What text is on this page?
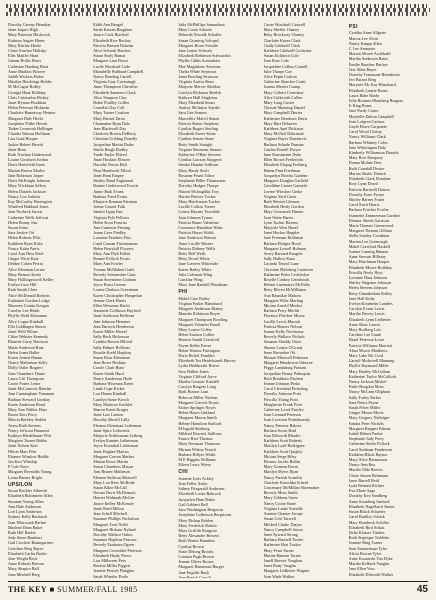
Dorothy Greeny Herndon
Janet Jaques High
Mary Paterson Hitchcock
Kathryn Angier Hines
Mary Ritchie Hoole
Claire Sinclair Holiday
Ellis Mailler Hunt
Joanne Hollis Hurst
Catherine Harding Hiatt
Anne Maddox Hoover
Judith Wickers Hulse
Marilyn Hutchings Holder
M McCague Ridley
Georgia Hunt Holliday
Chris Crittendon Hickey
Janet Hyman Houlihan
Helen Peterson Hickman
Charlotte Hannaway Heimer
Margaret Dale Hecht
Josephine Fidler Hewitt
Tinker Lesnovak Hollinger
Claudia Watson Hoffman
Lisa Grad Hooper
Jackie Hebert Hewitt
Janie Hunt
Ruth Truchan Underwood
Louise Goodwin Jordan
Doris Hartsfield Jones
Marian Brown Marlin
Jane Robinson Jasper
Doris McKnight Johnson
Mary Wickham Jeffery
Helen Daniels Jackson
Nancy Cox Jenkins
Kay McCarthy Harrington
Winifred Hubbard Jones
Jane Norbeck Jarrett
Catherine Wells Jeffcoat
Helen Bonny Jim
Susan Jones
Sara Justice Ott
Helen Roberts Ellis
Kathleen Ryan Kiley
Nancy Kahn Parris
Carol Ann Hess Petel
Ginger Wirtz Katz
Debbie Cohen Perrin
Alice Kleeman Lerner
Mary Benson Keele
Mary Hollingsworth Keller
Evelyn Luce Hill
Ruth Smith Chen
Alice McDonald Roberts
Katharine Gordon Lodge
Maureen Cronin Keegan
Carolyn Lee Heath
Phyllis Wold Kleinman
Alice Logan Kimball
Ella Goldhagen Simon
Janet Wild Wilner
Chloe Webster Kennedy
Blanche Curry Harrison
Marie Anderson Ruiz
Helen Jones Haller
Karen Jensen Hamm
Nancy Mathieson Kelly
Dolly Ostler Bogaert
Joan Chambers Thune
Laura Gift Thompson
Carrie Potter Lester
Janet McCormick Hamlin
Ann Cunningham Vanaman
Barbara Steward Lindsay
Karen Anderson Bond
Mary Ann Walker Hays
Barrie Kerr Perry
Marcia Berkley Stubbs
Avera Ruth Stevens
Nancy Jeffcoat Haasnoot
Kathryn Heidelbauer Witt
Margaret Turner Hobbs
Janet Nelson Kerr
Hilton Marr Filer
Eleanor Winslow Biddle
Jan Kerr Winship
F Cole Keys
Margaret Reynolds Young
Lorna Barnes Bright
UPSILON
Susan Buckler Albrecht
Elizabeth Rubinstein Allen
Susanne Young Allen
Ann Hale Anderson
Lori Lynn Anderson
Sydney Kelly Bachrach
Jean Whitcomb Barber
Marlene Dean Baker
Ruth Hill Barker
Judy Stone Barnhart
Gail Crockett Baumgartner
Gretchen Berg Bayer
Elizabeth Carlin Bealer
Jane Wright Beck
Anne Roberts Beeson
Mary Shapiro Bell
Joan Mitchell Berg
Edith Ann Bengel
Sarah Kassen Bingham
Janice Cook Bischoff
Elizabeth Rice Bockus
Patricia Beeson Boheim
Alice Schwab Boichot
Susan Sealy Bomar
Margaret Linn Bover
Lucile Woodruff Cade
Manabelle Hubbard Campbell
Nancy Reading Carroll
Virginia Gray Cavanaugh
Anne Thompson Chevalier
Elizabeth Summers Clark
Alice Simpson Clay
Bobie Findley Collier
Cornelia Clay Colt
Mary Turner Coulson
Mary Bristol Davis
Charmaine Ryan Dale
Jean Blackwell Day
Charlotte Brown DeBerry
Christine Golding Donelly
Jacqueline Martin Drake
Sheila Bergh Dudley
Trude Taylor Eldred
Anne Hoskins Elmore
Dorothy Norris Hall
Nina Handwerk Elliott
Janet Hunt Empey
Shirley Ruud Engstrand
Bonnie Underwood Everitt
Annie Ruth Evans
Barbara Fried Evans
Marjorie Rosman Fairman
Jolene Garrett Falk
Sandra Lipps Fan
Virginia Pyle Fellows
Helen Stout Fentriss
Ann Cameron Fessing
Joann Cave Findley
Lorraine Feathers Fitts
Carol Coman Fitzsimmons
Helen Berryhill Flowers
Mary Ann Flyk Follett
Bonnie Pollock Foster
Mary Ann Fowler
Yvonne McMahon Gaffe
Beverly Schrimsher Gaus
Susan Sorenstein Graham
Joyce Hurst Greene
Louise Chaloux Greenman
Karen Christopher Haegerlan
Jeanne Clark Harris
Ellen Wessman Hatch
Jeannette Collinson Hayford
Janet Anderson Hefferan
Ann Johnson Hemmer
Jean Darrock Henderson
Karen Miller Herzel
Sally Beck Hickerson
Cynthia Rowen Hilford
Sally Palmer Hollister
Rosalie Krehl Hopkins
Susan Rose Kleinman
Jean Rowe Hoskins
Carole Clark Hunt
Karen Smith Hurd
Nancy Sanderson Hyde
Barbara Wiseman Keele
Linda Cope Kicker
Lou Hanna Kimball
Carolyn Stone Kirsch
Mary Marlowe Koehler
Sharon Ennis Kruger
Janet Law Lamon
Dorothy Merrill Lally
Eleanor Kleinman Lederman
Janet Spiro Leibowitz
Marjorie Schlossman Leiberg
Evelyn Kamins Leiberman
Joyce Eisenthal Lieberman
Janet Hughes Marcus
Margaret Curran Marker
Marian Rowe Martin
Susan Chambers Mason
Ann Bruner Matheson
Eleanor Sullivan Maxwell
Mary Lou Rees McBride
Susan Kline McCall
Norma Davis McDermott
Harriet Widmark McGee
Janice Kelley McKenzie
Janet Ward Milton
Jean Schell Mitchell
Suzanne Phillips Nicholson
Margaret Trott Nield
Margaret Hickam Nyland
Dorothy Wallace Oakes
Suzanne Hopkins Pearson
Beverly Fairbairn Ogren
Margaret Coverdale Peterson
Elizabeth Hardy Peters
Lisa Milhoven Peto
Rosetta Miller Piggott
Jeannie Pietsch Plaugher
Sarah Wheeler Poole
Julia McPhillips Samuelson
Mary Coote Schafer
Deborah Nowalk Schaffer
Susan Gruntvig Schopel
Margaret Howe Schulte
Jane Lauter Schwab
Elizabeth Robinson Schwarzlin
Phyllis Gibbs Scrimshaw
Mae Magdalene Sessions
Thelia White Seymour
Janet Bowling Seymour
Virginia Austin Shaw
Marjorie Mercer Sheldon
Carolyn Hickman Shields
Kathryn Hull Singleton
Mary Elizabeth Smart
Audrey McIntyre Snyder
Sara Gee Somers
Marcellite Mulvil Staton
Patricia Staten Stephens
Cynthia Bogert Sterling
Elizabeth Sweet Stone
Cynthia Jensen Stone
Betty Smith Straight
Virginia Simmons Strauss
Katherine O'Hair Stevens
Cynthia Lawson Sturgeon
Sandra Hamlin Sullivan
Mary Hardy Swift
Rosanne Pruett Tabor
Stephanie Hiller Thomasson
Dorothy Hedges Thorpe
Sharon Mclaughlin Troy
Harriet Brewer Tucker
Mary Hutchinson Tucker
Lucille Collins Turner
Louise Haynes Tweedale
Joan Johnson Tymas
Patricia Burns Valentine
Constance Hamilton Walts
Patricia Hayes Walsh
Jane Anderson Watson
Anne Lucille Warner
Patricia Dabney Wells
Betty Bell Wells
Betty Dowd White
Jane Greaves Whiteside
Karen Bailey White
Julia Coleman Wing
Caroline Wing
Mary Jane Randall Woodman
PHI
Mabel Case Bailey
Virginia Parker Blanchard
Margaret Anderson Blaney
Blanche Robinson Boyer
Margaret Thompson Bowling
Margaret Schaefer Brazil
Mary Louise Coffey
Helen Stanton Collier
Bernice Smith Crawford
Fayne Keller Farrar
Helen Watson Farrington
Doris Rickel Franklin
Elizabeth Tea Heidelstaedt Harvey
Lydia Heddweski Hoeve
Sara Walker Jones
Virginia Clifford Joyce
Martha Gessner Kandell
Carolyn Burgess Long
Ruth Huston Lunt
Rebecca Miller Nielsen
Margaret Giersch Noyes
Esther Springer Noyes
Helen Hayes Oakland
Margaret Mason Smith
Helene Hamilton Stafford
M Ingold Stenberg
Mildred Dowsett Sullivan
Eunice Rice Thomas
Mary Newman Thomson
Miriam Wilson Veatch
Barbara Hillyer Walsh
M E Higgins Williams
Eileen Leary Wiese
CHI
Jeanette Letts Ackley
Jean Fuller Anley
Sidney Fitzgerald Andersen
Elizabeth Locke Babcock
Jacquelyn Hunt Baker
Gail Gabbert Bell
Sara Washington Bergeson
Josephine Culberson Bergstrom
Mary Bishop Bohlen
Mary Frederick Bolton
Mary Griffith Bongwie
Betty Alexander Bowers
Ruth Waters Brandow
Cynthia Brown
Susie Delong Brooks
Lorenza Pugh Brown
Jeanne Oliver Brown
Margaret Hammons Burger
Jane English Bush
Jane Penick Carroll
Carter Woodruff Caswell
Mary Sheffer Chaney
Betty Brockway Chaney
Charlotte Keyes Clark
Cindy Caldwell Clark
Kathleen Caldwell Cochrane
Susan Eichhorn Cole
Jean Ross Cole
Jacqueline Collins Cornell
Julie Thorpe Coe
Alice Pepin Crafton
Catherine Slaucher Craitt
Joanna Merritt Cramp
Mary Colbert Crenshaw
Alice Cullworth Cullen
Mary Long Custer
Christie Manning Daniel
Mary Campbell Davies
Katherine Dearborn Davis
Mary Hart Dehaven
Kathleen Apel Dickison
Mary McNeil Dobrinski
Virginia Buyer Dondarvis
Barbara Schade Duncan
Gaylen Fornell Dwyer
June Kunstmann Dyke
Ellen Brown Fredericks
Elizabeth Elspug Freiberg
Hanna Finn Friedman
Jacquelyn Brooks Gardner
Margaret Douglas Garfield
Geraldine Carner Gartside
Lorene Winslow Gerke
Virginia Yard Giese
Ruth Weston Gleason
Elizabeth Healy Gordon
Mary Greenwalt Harner
Joan Waite Harris
Lynn Tucker Havens
Marjorie West Hazel
Janet Hocker Heppler
Jane Freeman Holliman
Barbara Hodges Hood
Margaret Lowell Holman
Avery Barnard Knopfer
Sally Hallow Kuns
Lucinda Tenzol Lane
Christine Myhrberg Lauritsen
Katherine Pettis Lecklecker
Roselle Conkey Leimbrook
Helene Linemayer McNulty
Betty Bliven McWilliams
Ann Raunikar Malsow
Margaret Wiltz Marling
Miriam Arnold Meeker
Barbara Perry Merlin
Florence Fletcher Moore
Lucille Lewis Murrah
Patricia Bonzer Nelson
Jeanne Kelly Newhouse
Beverly Wallace Nichols
Susanne Shaddy Ostro
Sharon Louise O'Grady
Irene Brownlee Ott
Maxine Maxwell Pedersen
Margaret Henderson Osborne
Peggy Landsburg Paesani
Jacqueline Boney Palmquist
Ruth Bradshaw Paulsen
Jeanne Johnson Perko
Carol Cleveland Pickering
Dorothy Johnson Pratt
Priscilla Young Pratt
Margherite Fronk Price
Catherine Lowd Pursley
Joan Leonard Peterson
Joan Leverton Poshekonsky
Nancy Penrose Rakotz
Barbara Swart Reid
Jean Dilworth Rhodes
Kathleen Scott Roberts
Marilyn Lyall Rodriguez
Kathleen Scott Quigley
Miriam Serge Riley
Eleanor Jacobs Rollin
Mary Gorman Rosin
Marilyn Myers Ryan
Nancy Parrish Scantlin
Charlotte Kutschka Scheid
Gracemary McMillan Shoemaker
Beverly Moss Smith
Mary Gibbens Snow
Nancy Crone Stone
Virginia Laske Swindle
Armitta Chanter Swope
Susan Cole Tarwell
Mildred Clarke Thayer
Nancy Campbell Stowe
Janet Ayward Strong
Barbara Hartzell Tucker
Katherine Hart Tucker
Mary Fenn Turner
Marine Hansen Turner
Janell Brewer Vaughan
Janet Ratty Vaughn
Margaret Ledbetter Wagner
Joan Wade Walker
PSI
Cynthia Anne Allgeier
Marcia Lee Alvin
Nancy Knapp Allen
C Lee Ammeter
Marion Moore Archibald
Martha Anderson Bates
Emilie Baucher Barlow
Teri Allen Bayer
Dorothy Tomasone Beardmore
Jeri Barton Berg
Marjorie Mc Kay Blanchard
Elizabeth Lanzie Burns
Laura Bohe Brady
Julia Brunner Blomberg Burgess
Ji King Bums
Jane Purdy Carter
Maybelle Dalton Campbell
Jean Lofgren Carlson
Gayle Howe Carpenter
Carol Wood Christy
Nancy Williams Clark
Barbara Whitney Coles
Jane Whittington Daly
Kimberly Williamson Daniels
Mary Rice Dempsey
Donna Moline Dew
Ruth Crandall Dexter
Marian Shafer Dimick
Elizabeth Clark Donahue
Rory Lynn Dowd
Patricia Hartwell Dutton
Dorothy Esser Foster
Shirley Barnes Foster
Carol Swift Harris
Barbara Fritcher Fowler
Jeannette Zimmerman Gardner
Eleanor Skeels Garrison
Marie Thomas Greenwood
Margaret Thomas Gilliam
Stella Stanley Goodman
Marion Lee Greenough
Mabel Crawford Haskell
Joanne Lansing Hansen
Anne Stewart Hilleary
Mary Hinchman Hooper
Elizabeth Moore Holliday
Priscilla Neely Hoyt
Lorraine Haas Johnson
Shirley Wagoner Johnson
Helen Stevens Johnson
Betty Chamberlain Kelley
Jane Hall Kirby
Evelyn Kronheim Landers
Carolyn Evans Lewis
Martha Dewey Lewis
Elizabeth Lynn Ledbetter
Anne Shaw Lenoir
Mary Rodberg Leis
Caroline Lee Lamb
Hazel Peterson Lowe
Patricia Williams Marriott
Alma Morris Matthews
Mary Lake Mc Cord
Carroll Mcdowell Manning
Phyllis Raymond Miller
Mary Hartley McCollom
Katherine Taylor McCulloch
Nancy Jackson Michel
Pattie Brogdon Moss
Nancy McLean Oliphant
Sally Turley Parker
Sara Peters Payne
Sarah Felter Miller
Ginger Moore Myrie
Mary Gregory Naffziger
Sandra Peter Nichols
Margaret Reppert Palmer
Isabel Hebert Parker
Stephanie Judy Perry
Catherine Steele Pollock
Carol Stedman Punderson
Kathleen Black Raynor
Mary Alice Rasmussen
Nancy Ann Rea
Martha Ohle Reeves
Claire Jensen Rehmann
Janet Burrell Reid
Lyda Bennett Richter
Eva Marie Sage
Dorothy Key Sandberg
Anna Swanberg Sanford
Elizabeth Nagelbach Sauter
Susan Blitch Schaefer
Carol Burkley Schick
Mary Hornbeck Schiller
Elizabeth Bird Schutt
Della Klasser Timbes
Ruth Stepfeger Trebbles
Jeanine Ring Turner
Jean Simmerman Tyler
Alicia Bowne Tyler
Anne Koszarski Van Dyke
Martha Kelbeck Vaughn
Jane Ellen Voss
Elizabeth Dilworth Walker
THE KEY ■ SUMMER/FALL 1985	45
